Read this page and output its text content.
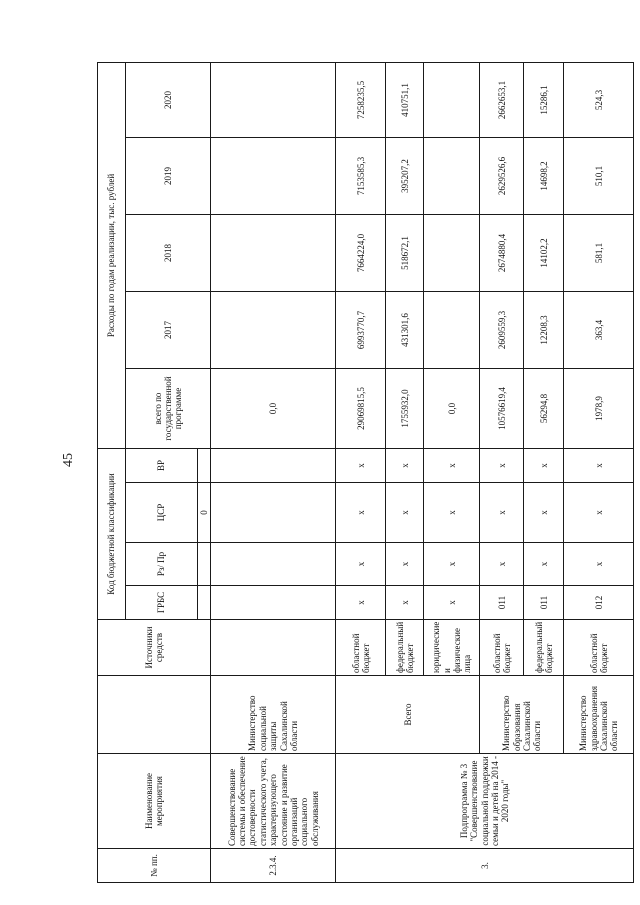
45
№ пп.	Наименование мероприятия		Источники средств	Код бюджетной классификации				Расходы по годам реализации, тыс. рублей				
				ГРБС	Рз/ Пр	ЦСР	ВР	всего по государственной программе	2017	2018	2019	2020
						0						
2.3.4.	Совершенствование системы и обеспечение достоверности статистического учета, характеризующего состояние и развитие организаций социального обслуживания	Министерство социальной защиты Сахалинской области						0,0				
3.	Подпрограмма № 3 "Совершенствование социальной поддержки семьи и детей на 2014 - 2020 годы"	Всего	областной бюджет	x	x	x	x	29069815,5	6993770,7	7664224,0	7153585,3	7258235,5
			федеральный бюджет	x	x	x	x	1755932,0	431301,6	518672,1	395207,2	410751,1
			юридические и физические лица	x	x	x	x	0,0				
		Министерство образования Сахалинской области	областной бюджет	011	x	x	x	10576619,4	2609559,3	2674880,4	2629526,6	2662653,1
			федеральный бюджет	011	x	x	x	56294,8	12208,3	14102,2	14698,2	15286,1
		Министерство здравоохранения Сахалинской области	областной бюджет	012	x	x	x	1978,9	363,4	581,1	510,1	524,3
